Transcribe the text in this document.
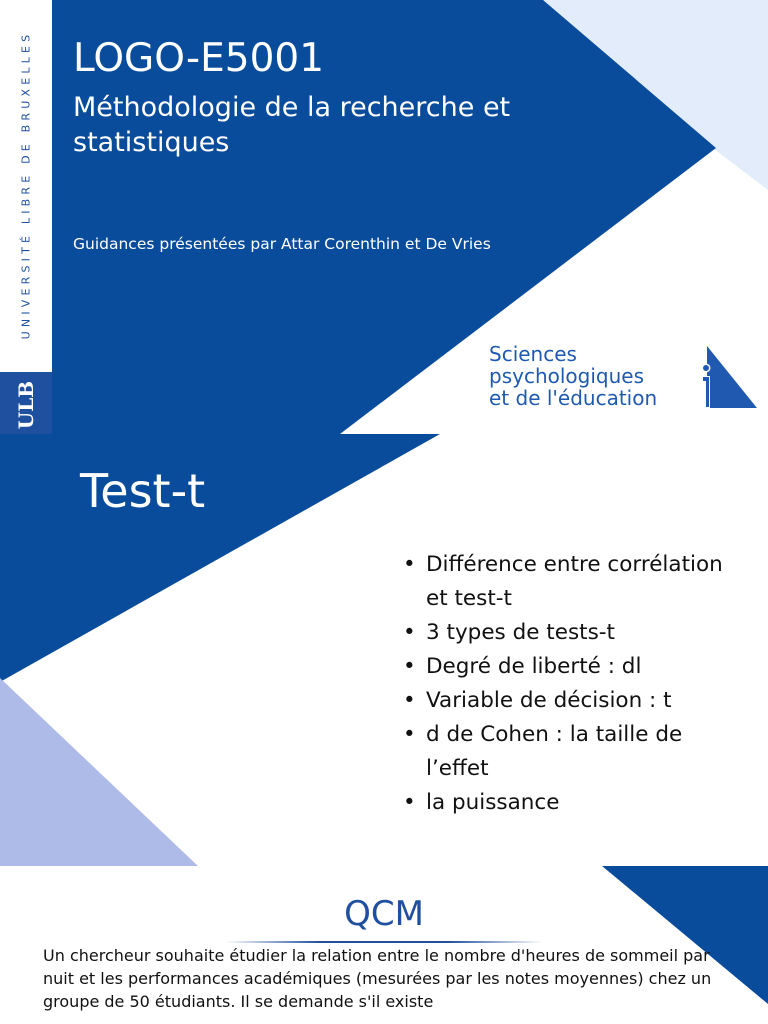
UNIVERSITÉ LIBRE DE BRUXELLES
ULB
LOGO-E5001
Méthodologie de la recherche et statistiques
Guidances présentées par Attar Corenthin et De Vries
Sciences
psychologiques
et de l'éducation
Test-t
• Différence entre corrélation et test-t
• 3 types de tests-t
• Degré de liberté : dl
• Variable de décision : t
• d de Cohen : la taille de l’effet
• la puissance
QCM
Un chercheur souhaite étudier la relation entre le nombre d'heures de sommeil par nuit et les performances académiques (mesurées par les notes moyennes) chez un groupe de 50 étudiants. Il se demande s'il existe
